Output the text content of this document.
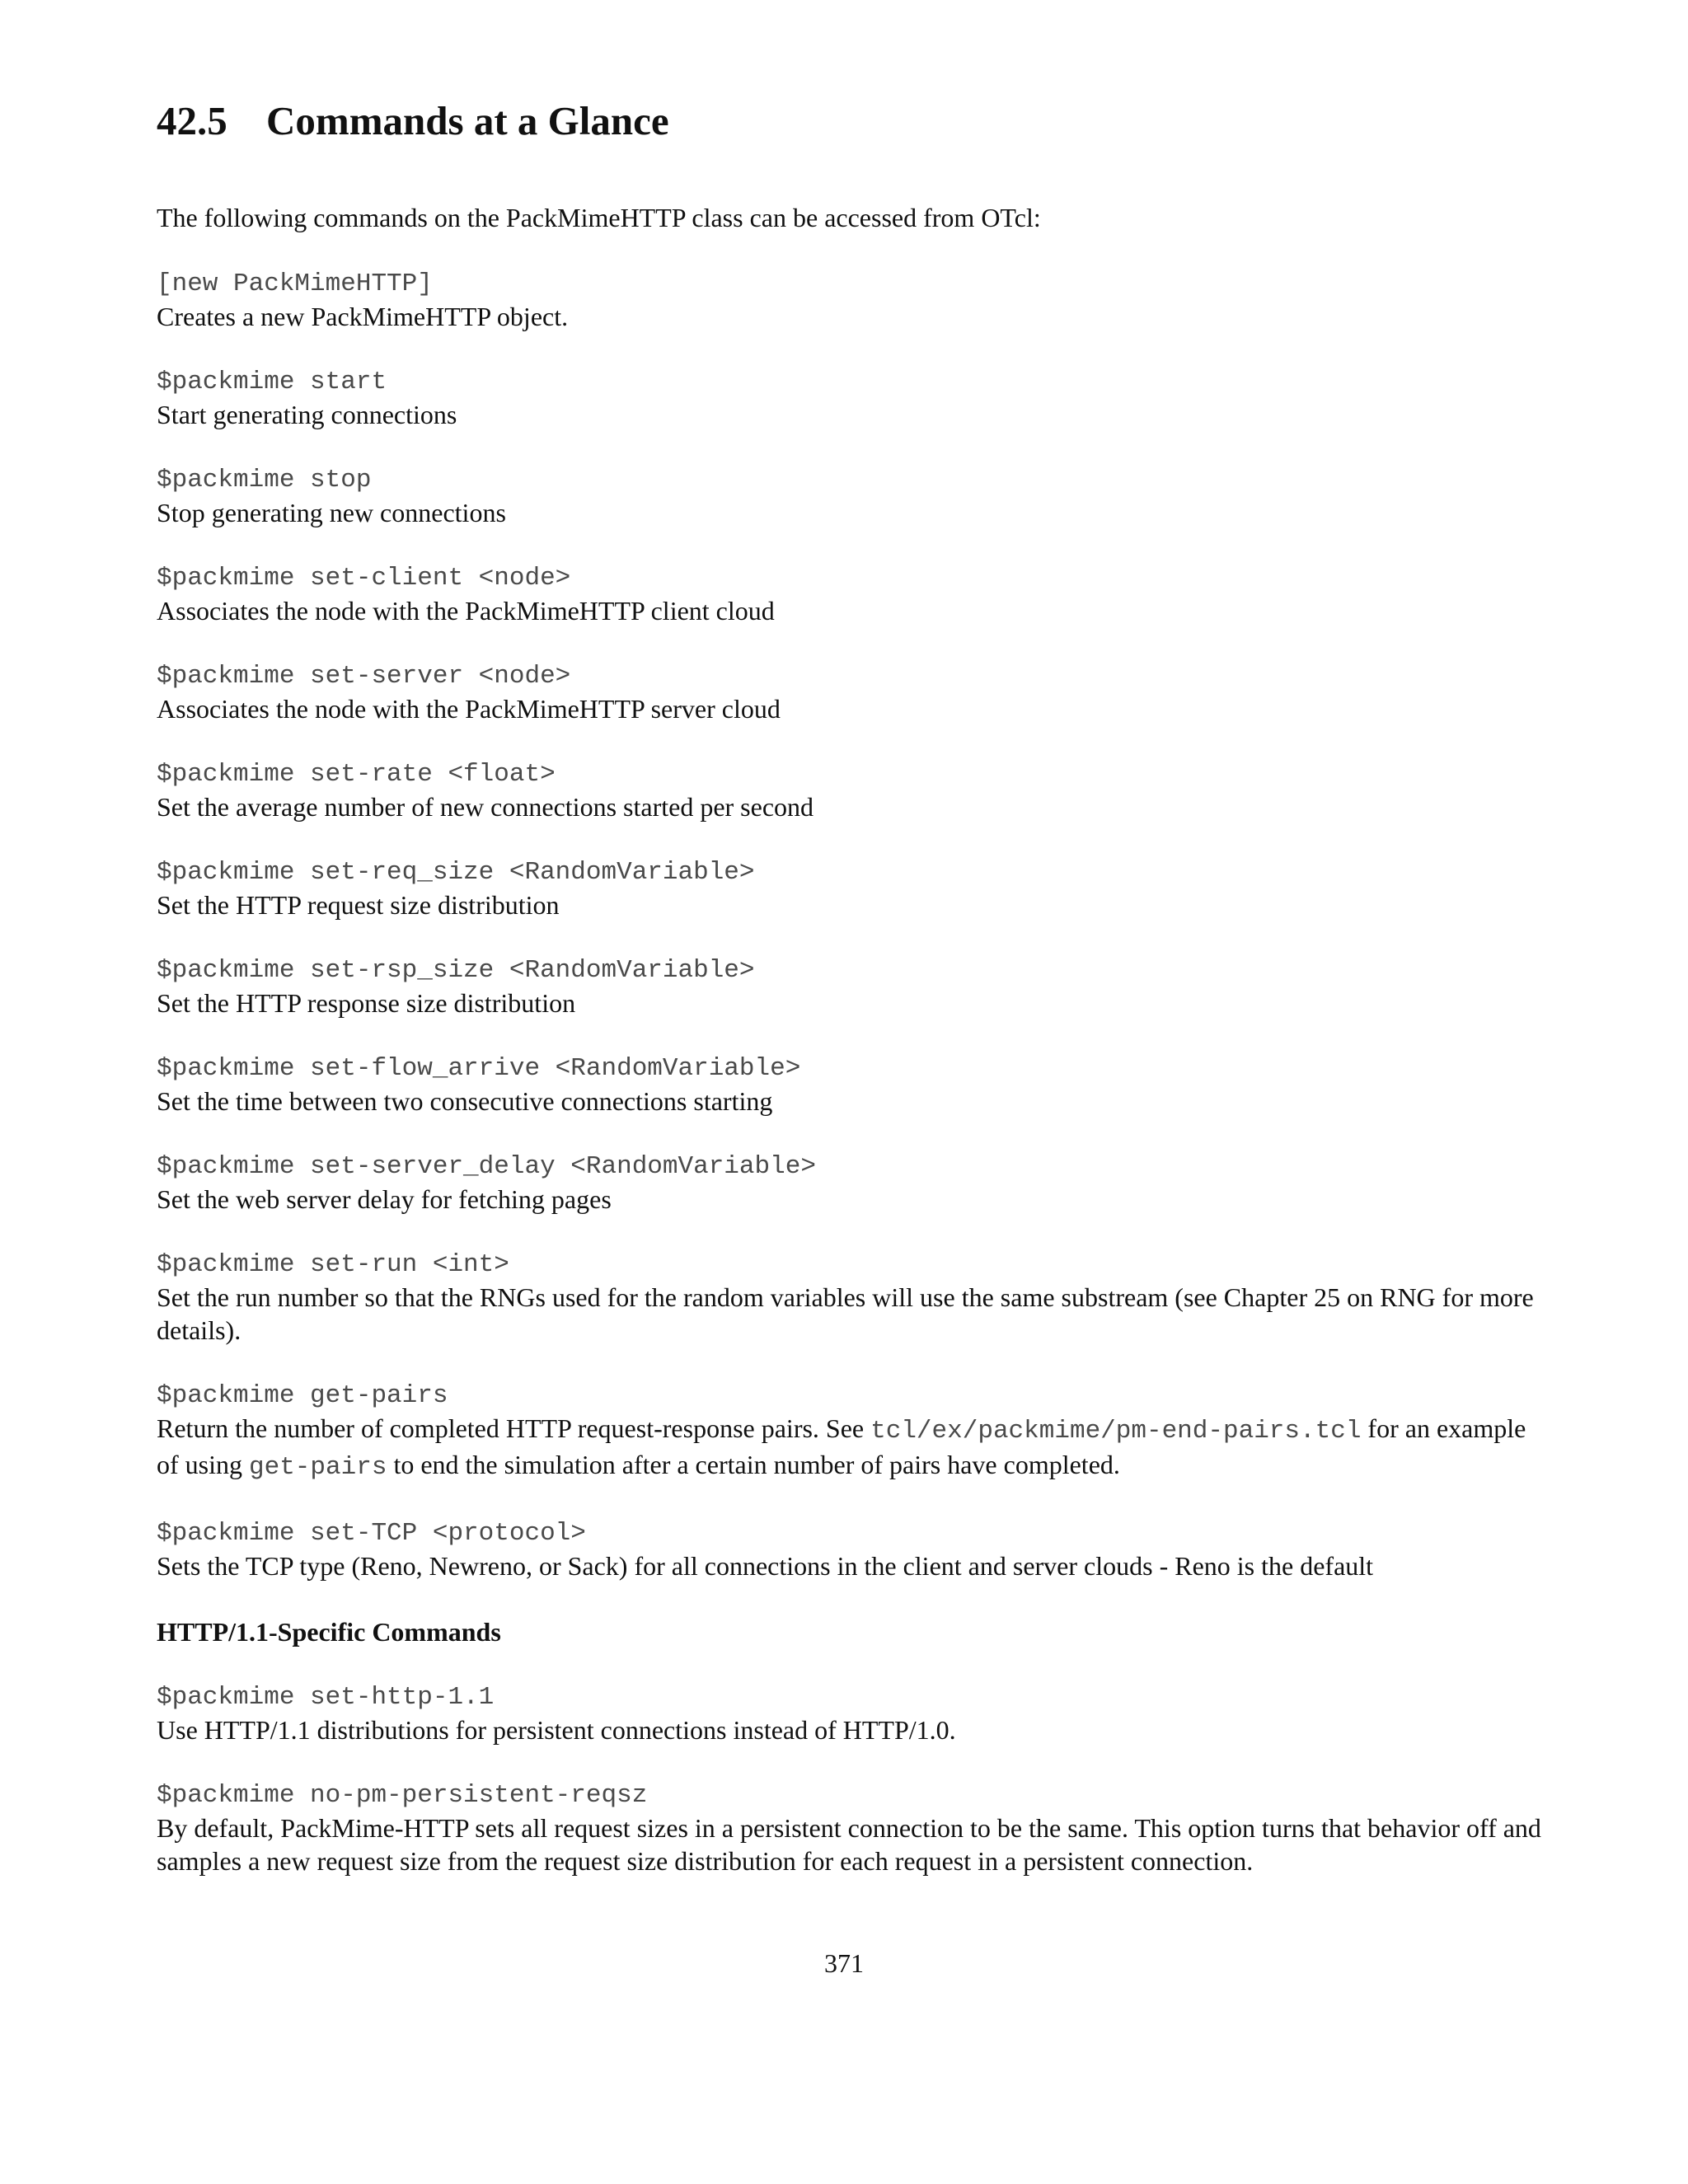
42.5 Commands at a Glance
The following commands on the PackMimeHTTP class can be accessed from OTcl:
[new PackMimeHTTP]
Creates a new PackMimeHTTP object.
$packmime start
Start generating connections
$packmime stop
Stop generating new connections
$packmime set-client <node>
Associates the node with the PackMimeHTTP client cloud
$packmime set-server <node>
Associates the node with the PackMimeHTTP server cloud
$packmime set-rate <float>
Set the average number of new connections started per second
$packmime set-req_size <RandomVariable>
Set the HTTP request size distribution
$packmime set-rsp_size <RandomVariable>
Set the HTTP response size distribution
$packmime set-flow_arrive <RandomVariable>
Set the time between two consecutive connections starting
$packmime set-server_delay <RandomVariable>
Set the web server delay for fetching pages
$packmime set-run <int>
Set the run number so that the RNGs used for the random variables will use the same substream (see Chapter 25 on RNG for more details).
$packmime get-pairs
Return the number of completed HTTP request-response pairs. See tcl/ex/packmime/pm-end-pairs.tcl for an example of using get-pairs to end the simulation after a certain number of pairs have completed.
$packmime set-TCP <protocol>
Sets the TCP type (Reno, Newreno, or Sack) for all connections in the client and server clouds - Reno is the default
HTTP/1.1-Specific Commands
$packmime set-http-1.1
Use HTTP/1.1 distributions for persistent connections instead of HTTP/1.0.
$packmime no-pm-persistent-reqsz
By default, PackMime-HTTP sets all request sizes in a persistent connection to be the same. This option turns that behavior off and samples a new request size from the request size distribution for each request in a persistent connection.
371
